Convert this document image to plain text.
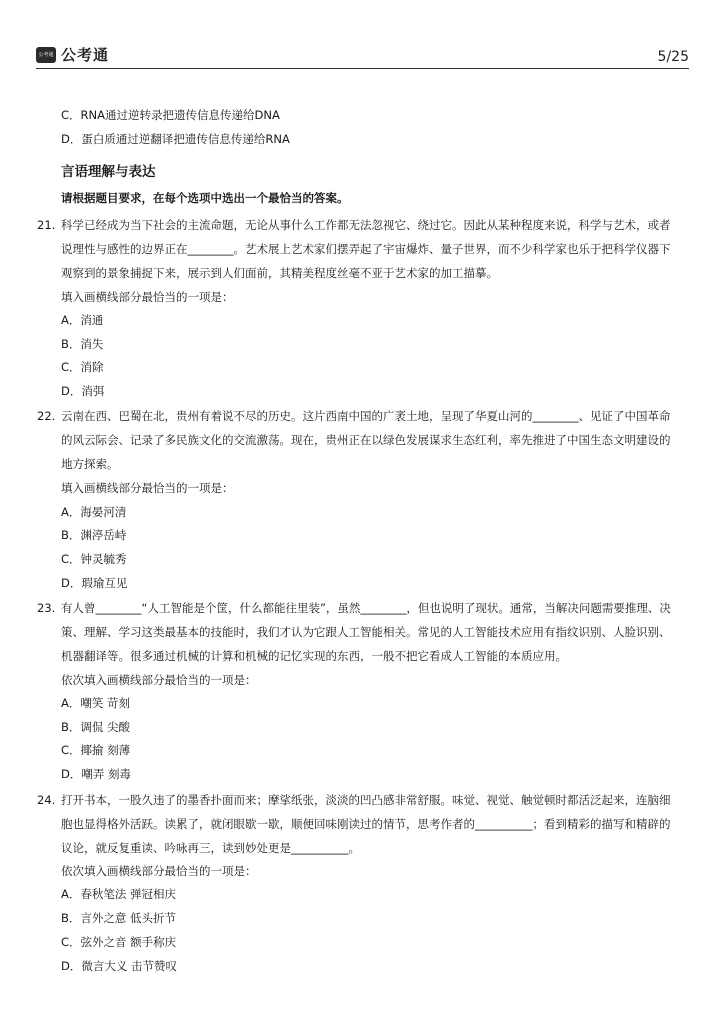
公考通 公考通	5/25
C．RNA通过逆转录把遗传信息传递给DNA
D．蛋白质通过逆翻译把遗传信息传递给RNA
言语理解与表达
请根据题目要求，在每个选项中选出一个最恰当的答案。
21. 科学已经成为当下社会的主流命题，无论从事什么工作都无法忽视它、绕过它。因此从某种程度来说，科学与艺术，或者
说理性与感性的边界正在________。艺术展上艺术家们摆弄起了宇宙爆炸、量子世界，而不少科学家也乐于把科学仪器下
观察到的景象捕捉下来，展示到人们面前，其精美程度丝毫不亚于艺术家的加工描摹。
填入画横线部分最恰当的一项是：
A．消通
B．消失
C．消除
D．消弭
22. 云南在西、巴蜀在北，贵州有着说不尽的历史。这片西南中国的广袤土地，呈现了华夏山河的________、见证了中国革命
的风云际会、记录了多民族文化的交流激荡。现在，贵州正在以绿色发展谋求生态红利，率先推进了中国生态文明建设的
地方探索。
填入画横线部分最恰当的一项是：
A．海晏河清
B．渊渟岳峙
C．钟灵毓秀
D．瑕瑜互见
23. 有人曾________“人工智能是个筐，什么都能往里装”，虽然________，但也说明了现状。通常，当解决问题需要推理、决
策、理解、学习这类最基本的技能时，我们才认为它跟人工智能相关。常见的人工智能技术应用有指纹识别、人脸识别、
机器翻译等。很多通过机械的计算和机械的记忆实现的东西，一般不把它看成人工智能的本质应用。
依次填入画横线部分最恰当的一项是：
A．嘲笑 苛刻
B．调侃 尖酸
C．揶揄 刻薄
D．嘲弄 刻毒
24. 打开书本，一股久违了的墨香扑面而来；摩挲纸张，淡淡的凹凸感非常舒服。味觉、视觉、触觉顿时都活泛起来，连脑细
胞也显得格外活跃。读累了，就闭眼歇一歇，顺便回味刚读过的情节，思考作者的__________；看到精彩的描写和精辟的
议论，就反复重读、吟咏再三，读到妙处更是__________。
依次填入画横线部分最恰当的一项是：
A．春秋笔法 弹冠相庆
B．言外之意 低头折节
C．弦外之音 额手称庆
D．微言大义 击节赞叹
